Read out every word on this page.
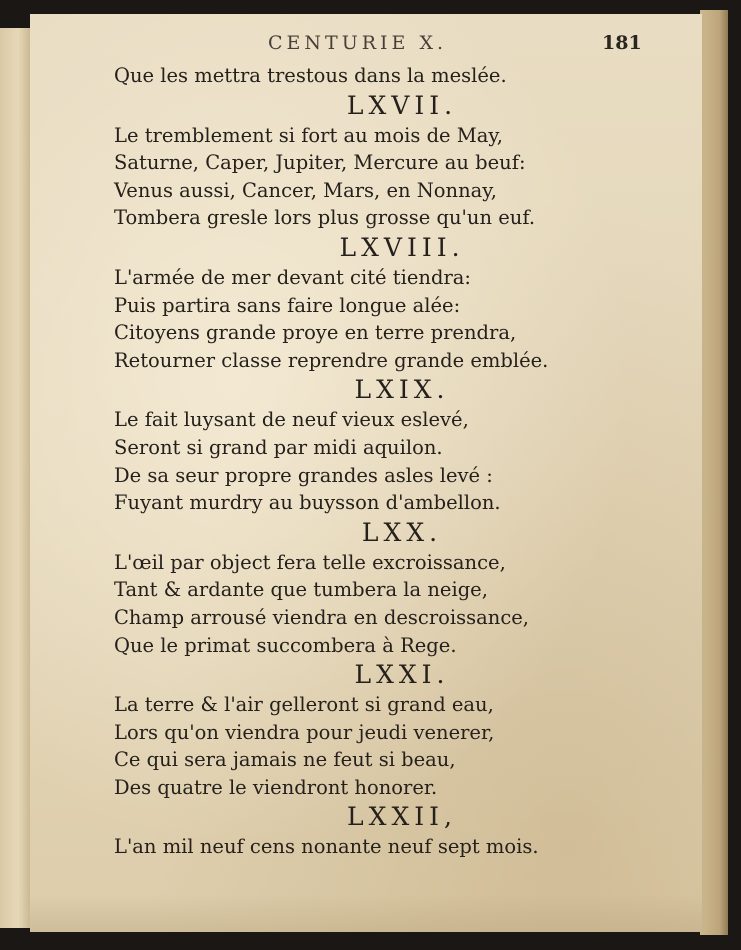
CENTURIE X.	181
Que les mettra trestous dans la meslée.
LXVII.
Le tremblement si fort au mois de May,
Saturne, Caper, Jupiter, Mercure au beuf:
Venus aussi, Cancer, Mars, en Nonnay,
Tombera gresle lors plus grosse qu'un euf.
LXVIII.
L'armée de mer devant cité tiendra:
Puis partira sans faire longue alée:
Citoyens grande proye en terre prendra,
Retourner classe reprendre grande emblée.
LXIX.
Le fait luysant de neuf vieux eslevé,
Seront si grand par midi aquilon.
De sa seur propre grandes asles levé :
Fuyant murdry au buysson d'ambellon.
LXX.
L'œil par object fera telle excroissance,
Tant & ardante que tumbera la neige,
Champ arrousé viendra en descroissance,
Que le primat succombera à Rege.
LXXI.
La terre & l'air gelleront si grand eau,
Lors qu'on viendra pour jeudi venerer,
Ce qui sera jamais ne feut si beau,
Des quatre le viendront honorer.
LXXII,
L'an mil neuf cens nonante neuf sept mois.
